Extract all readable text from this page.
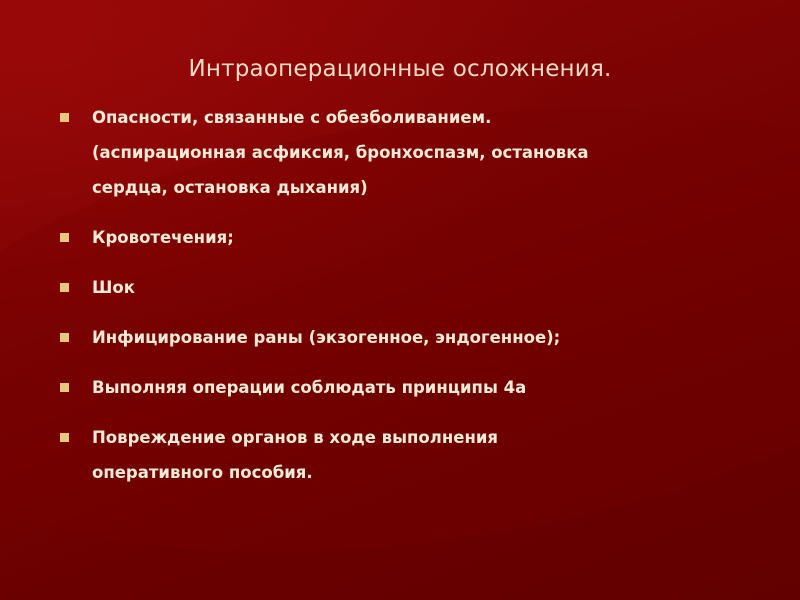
Интраоперационные осложнения.
Опасности, связанные с обезболиванием.
(аспирационная асфиксия, бронхоспазм, остановка
сердца, остановка дыхания)
Кровотечения;
Шок
Инфицирование раны (экзогенное, эндогенное);
Выполняя операции соблюдать принципы 4а
Повреждение органов в ходе выполнения
оперативного пособия.
